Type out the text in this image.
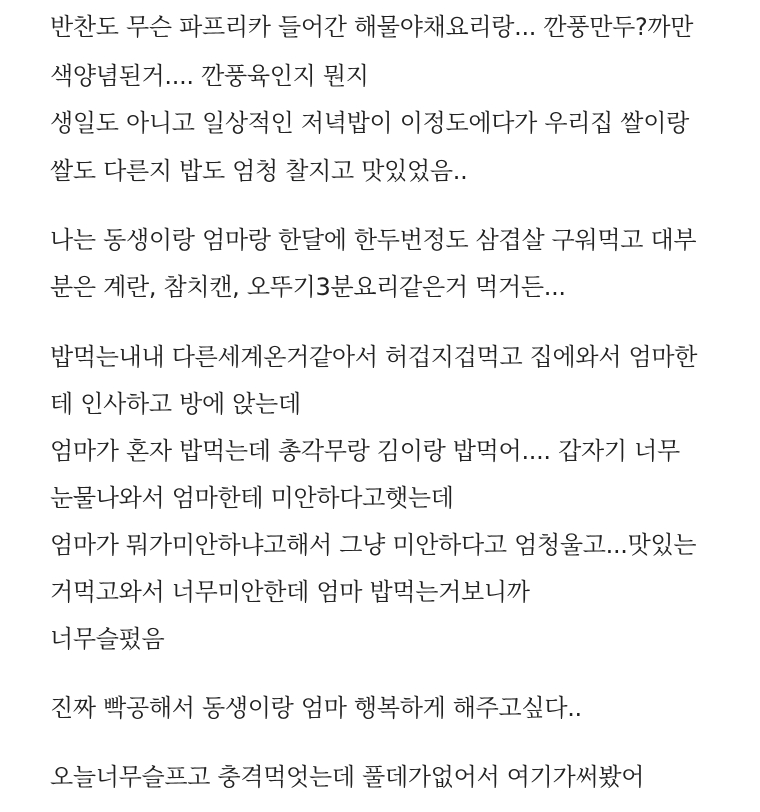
반찬도 무슨 파프리카 들어간 해물야채요리랑... 깐풍만두?까만
색양념된거.... 깐풍육인지 뭔지
생일도 아니고 일상적인 저녁밥이 이정도에다가 우리집 쌀이랑
쌀도 다른지 밥도 엄청 찰지고 맛있었음..
나는 동생이랑 엄마랑 한달에 한두번정도 삼겹살 구워먹고 대부
분은 계란, 참치캔, 오뚜기3분요리같은거 먹거든...
밥먹는내내 다른세계온거같아서 허겁지겁먹고 집에와서 엄마한
테 인사하고 방에 앉는데
엄마가 혼자 밥먹는데 총각무랑 김이랑 밥먹어.... 갑자기 너무
눈물나와서 엄마한테 미안하다고햇는데
엄마가 뭐가미안하냐고해서 그냥 미안하다고 엄청울고...맛있는
거먹고와서 너무미안한데 엄마 밥먹는거보니까
너무슬펐음
진짜 빡공해서 동생이랑 엄마 행복하게 해주고싶다..
오늘너무슬프고 충격먹엇는데 풀데가없어서 여기가써봤어
